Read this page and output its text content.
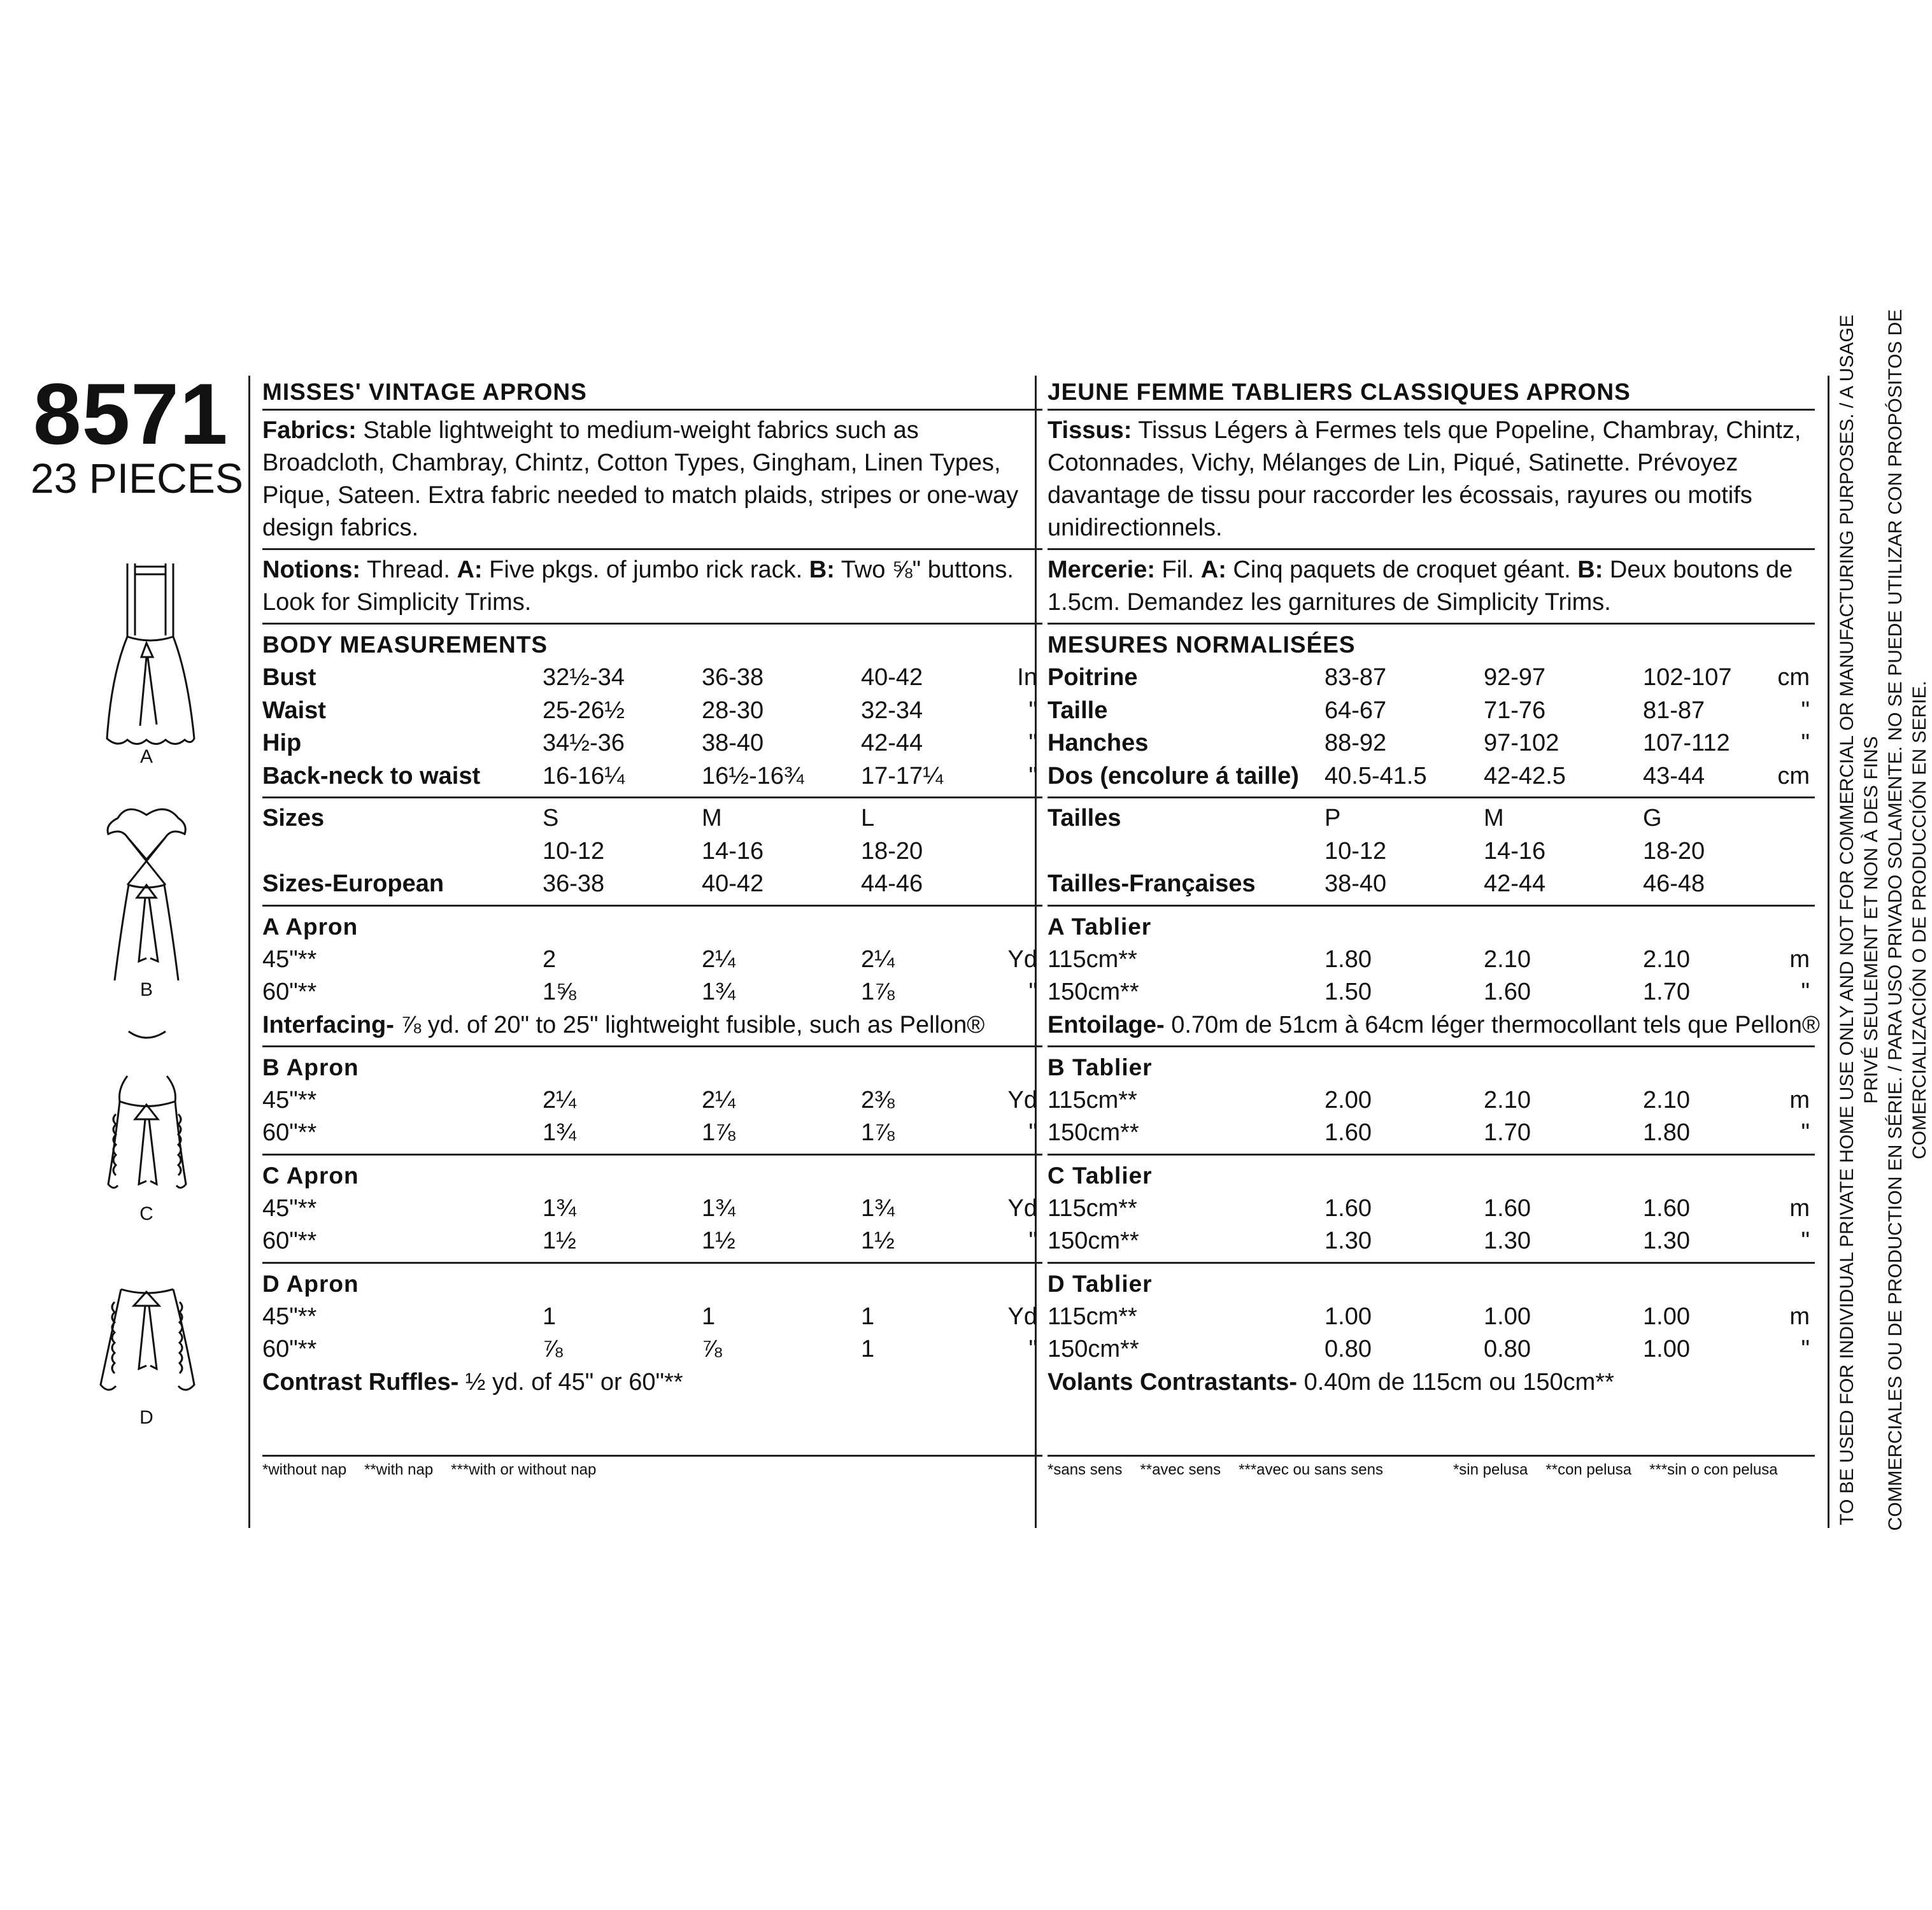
8571
23 PIECES
A
B
C
D
MISSES' VINTAGE APRONS
Fabrics: Stable lightweight to medium-weight fabrics such as Broadcloth, Chambray, Chintz, Cotton Types, Gingham, Linen Types, Pique, Sateen. Extra fabric needed to match plaids, stripes or one-way design fabrics.
Notions: Thread. A: Five pkgs. of jumbo rick rack. B: Two ⅝" buttons. Look for Simplicity Trims.
BODY MEASUREMENTS
Bust	32½-34	36-38	40-42	In
Waist	25-26½	28-30	32-34	"
Hip	34½-36	38-40	42-44	"
Back-neck to waist	16-16¼	16½-16¾	17-17¼	"
Sizes	S	M	L	
	10-12	14-16	18-20	
Sizes-European	36-38	40-42	44-46	
A Apron
45"**	2	2¼	2¼	Yd
60"**	1⅝	1¾	1⅞	"
Interfacing- ⅞ yd. of 20" to 25" lightweight fusible, such as Pellon®
B Apron
45"**	2¼	2¼	2⅜	Yd
60"**	1¾	1⅞	1⅞	"
C Apron
45"**	1¾	1¾	1¾	Yd
60"**	1½	1½	1½	"
D Apron
45"**	1	1	1	Yd
60"**	⅞	⅞	1	"
Contrast Ruffles- ½ yd. of 45" or 60"**
*without nap **with nap ***with or without nap
JEUNE FEMME TABLIERS CLASSIQUES APRONS
Tissus: Tissus Légers à Fermes tels que Popeline, Chambray, Chintz, Cotonnades, Vichy, Mélanges de Lin, Piqué, Satinette. Prévoyez davantage de tissu pour raccorder les écossais, rayures ou motifs unidirectionnels.
Mercerie: Fil. A: Cinq paquets de croquet géant. B: Deux boutons de 1.5cm. Demandez les garnitures de Simplicity Trims.
MESURES NORMALISÉES
Poitrine	83-87	92-97	102-107	cm
Taille	64-67	71-76	81-87	"
Hanches	88-92	97-102	107-112	"
Dos (encolure á taille)	40.5-41.5	42-42.5	43-44	cm
Tailles	P	M	G	
	10-12	14-16	18-20	
Tailles-Françaises	38-40	42-44	46-48	
A Tablier
115cm**	1.80	2.10	2.10	m
150cm**	1.50	1.60	1.70	"
Entoilage- 0.70m de 51cm à 64cm léger thermocollant tels que Pellon®
B Tablier
115cm**	2.00	2.10	2.10	m
150cm**	1.60	1.70	1.80	"
C Tablier
115cm**	1.60	1.60	1.60	m
150cm**	1.30	1.30	1.30	"
D Tablier
115cm**	1.00	1.00	1.00	m
150cm**	0.80	0.80	1.00	"
Volants Contrastants- 0.40m de 115cm ou 150cm**
*sans sens **avec sens ***avec ou sans sens	*sin pelusa **con pelusa ***sin o con pelusa	TO BE USED FOR INDIVIDUAL PRIVATE HOME USE ONLY AND NOT FOR COMMERCIAL OR MANUFACTURING PURPOSES. / A USAGE PRIVÉ SEULEMENT ET NON À DES FINS COMMERCIALES OU DE PRODUCTION EN SÉRIE. / PARA USO PRIVADO SOLAMENTE. NO SE PUEDE UTILIZAR CON PROPÓSITOS DE COMERCIALIZACIÓN O DE PRODUCCIÓN EN SERIE.
